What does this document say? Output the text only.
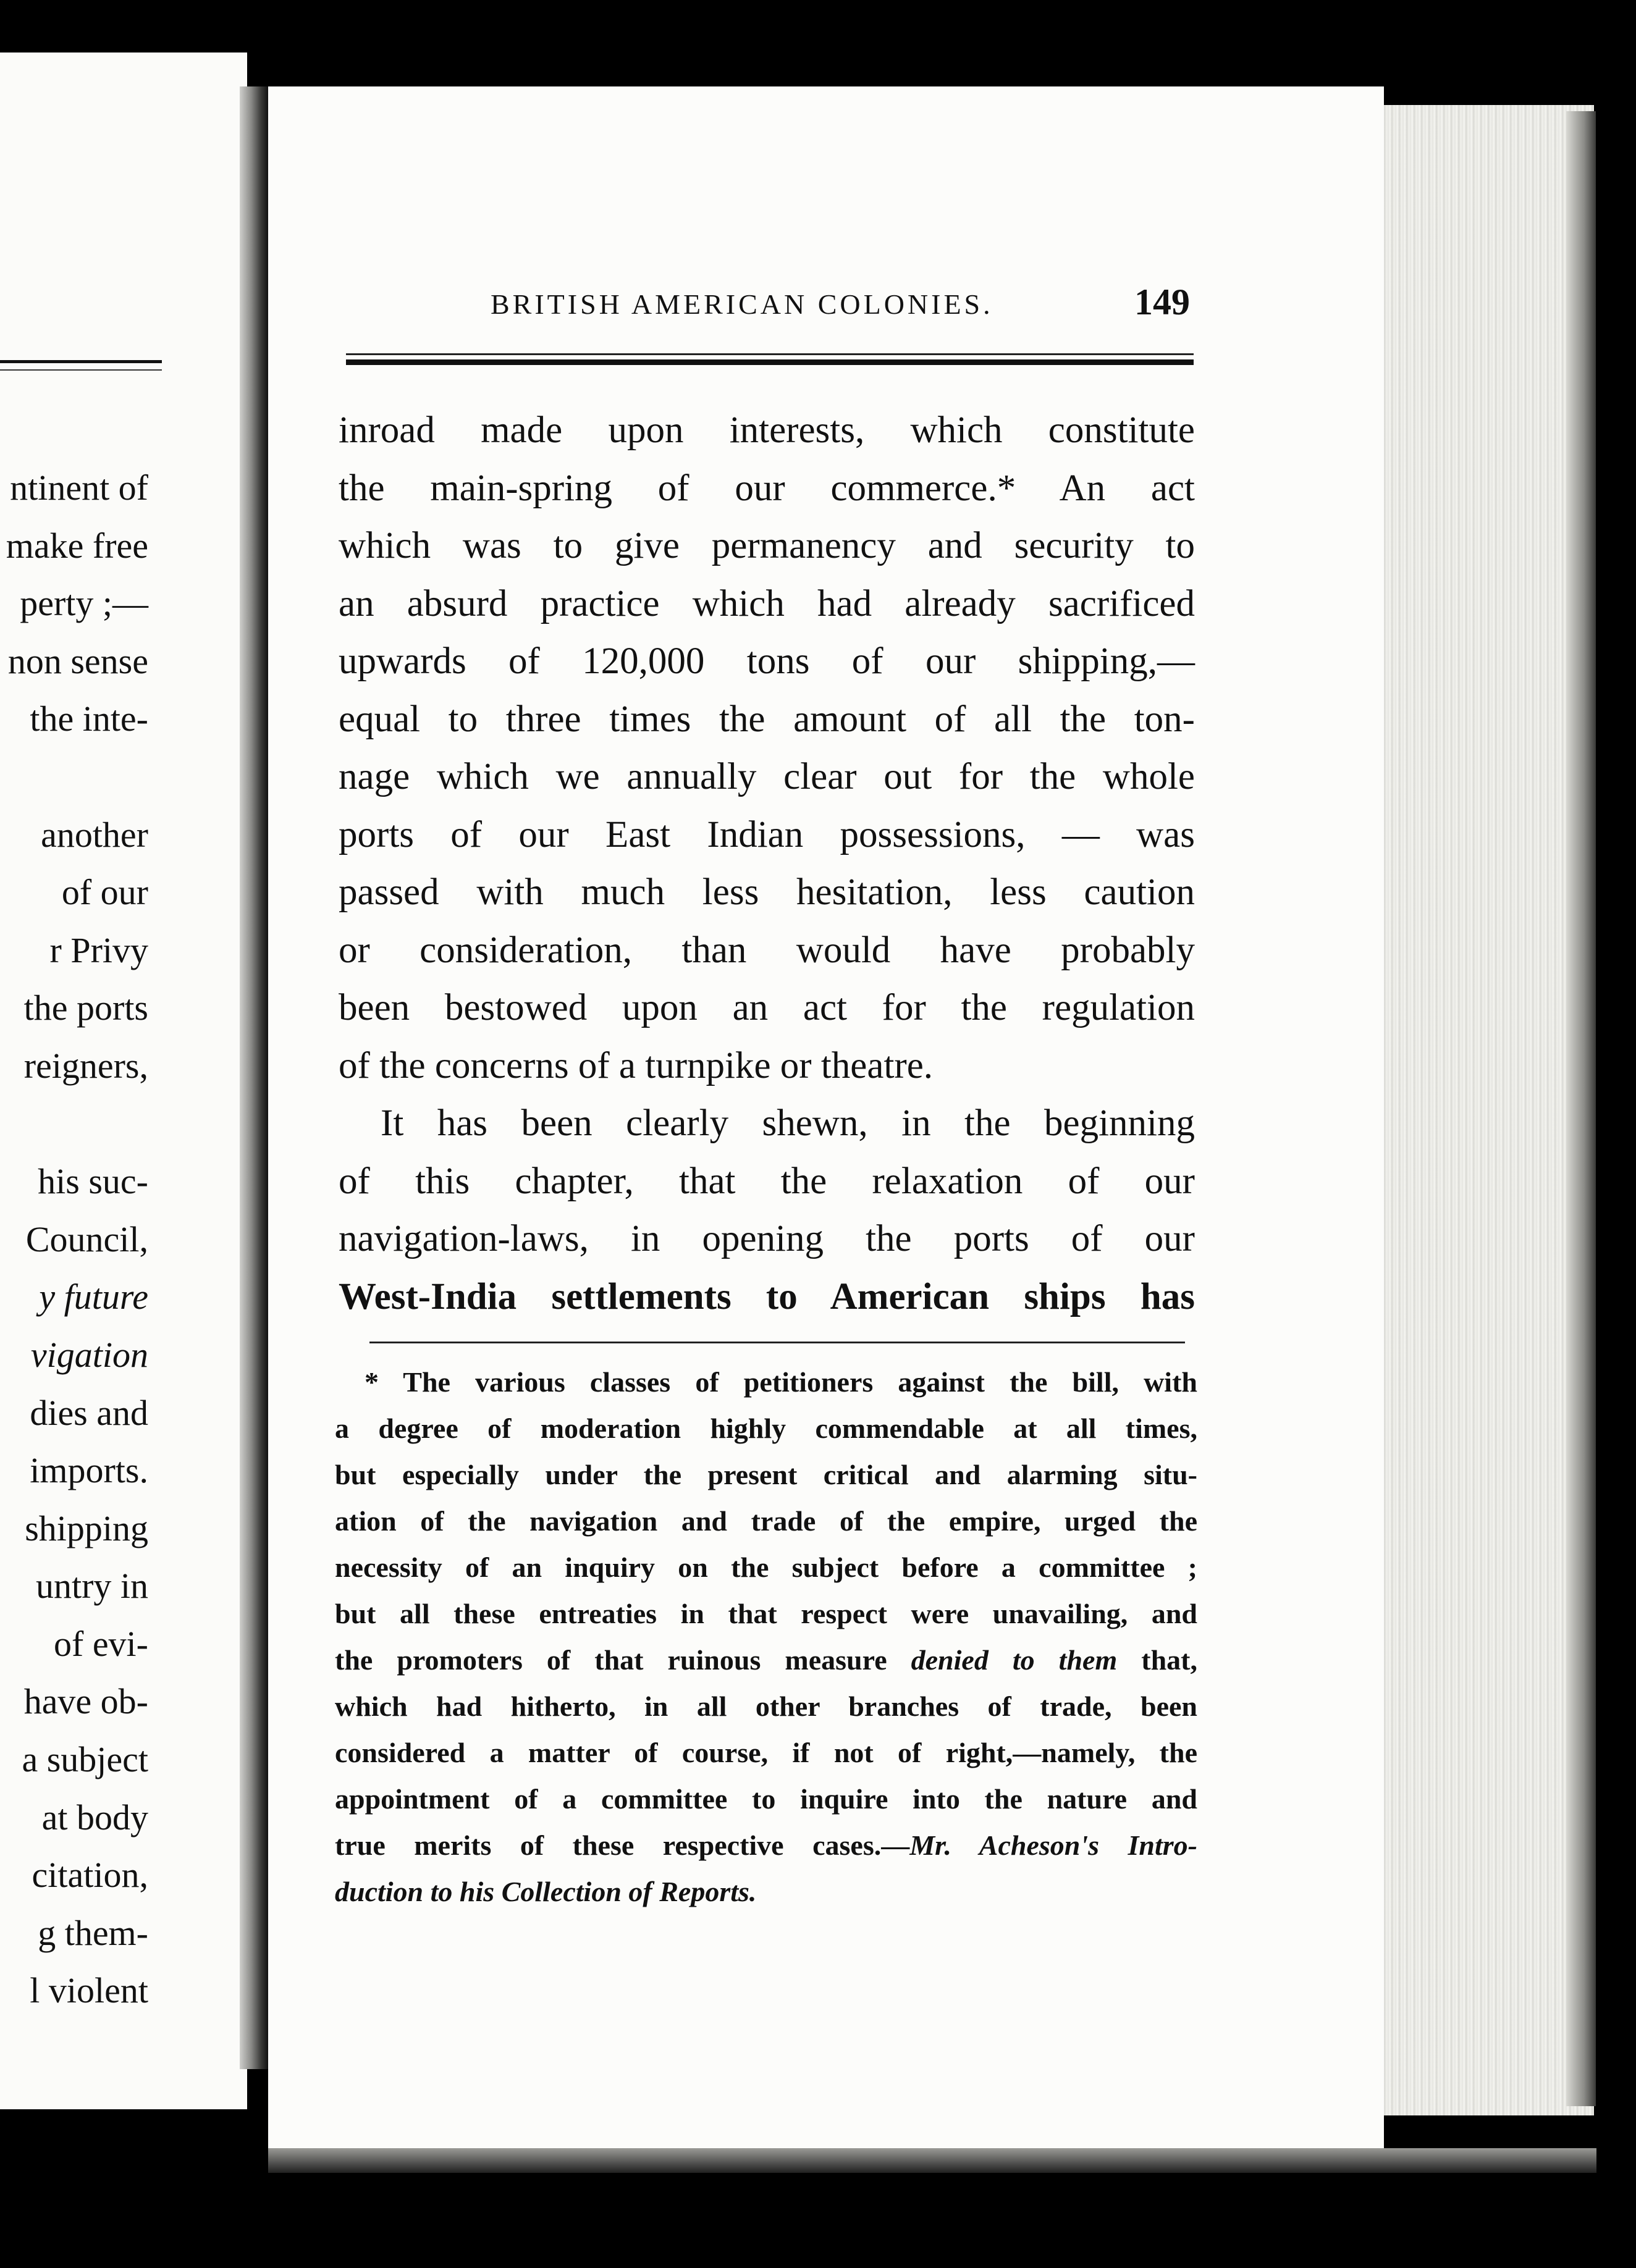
ntinent of
make free
perty ;—
non sense
the inte-
another
of our
r Privy
the ports
reigners,
his suc-
Council,
y future
vigation
dies and
imports.
shipping
untry in
of evi-
have ob-
a subject
at body
citation,
g them-
l violent
BRITISH AMERICAN COLONIES.	149
inroad made upon interests, which constitute
the main-spring of our commerce.* An act
which was to give permanency and security to
an absurd practice which had already sacrificed
upwards of 120,000 tons of our shipping,—
equal to three times the amount of all the ton-
nage which we annually clear out for the whole
ports of our East Indian possessions, — was
passed with much less hesitation, less caution
or consideration, than would have probably
been bestowed upon an act for the regulation
of the concerns of a turnpike or theatre.
It has been clearly shewn, in the beginning
of this chapter, that the relaxation of our
navigation-laws, in opening the ports of our
West-India settlements to American ships has
* The various classes of petitioners against the bill, with
a degree of moderation highly commendable at all times,
but especially under the present critical and alarming situ-
ation of the navigation and trade of the empire, urged the
necessity of an inquiry on the subject before a committee ;
but all these entreaties in that respect were unavailing, and
the promoters of that ruinous measure denied to them that,
which had hitherto, in all other branches of trade, been
considered a matter of course, if not of right,—namely, the
appointment of a committee to inquire into the nature and
true merits of these respective cases.—Mr. Acheson's Intro-
duction to his Collection of Reports.
